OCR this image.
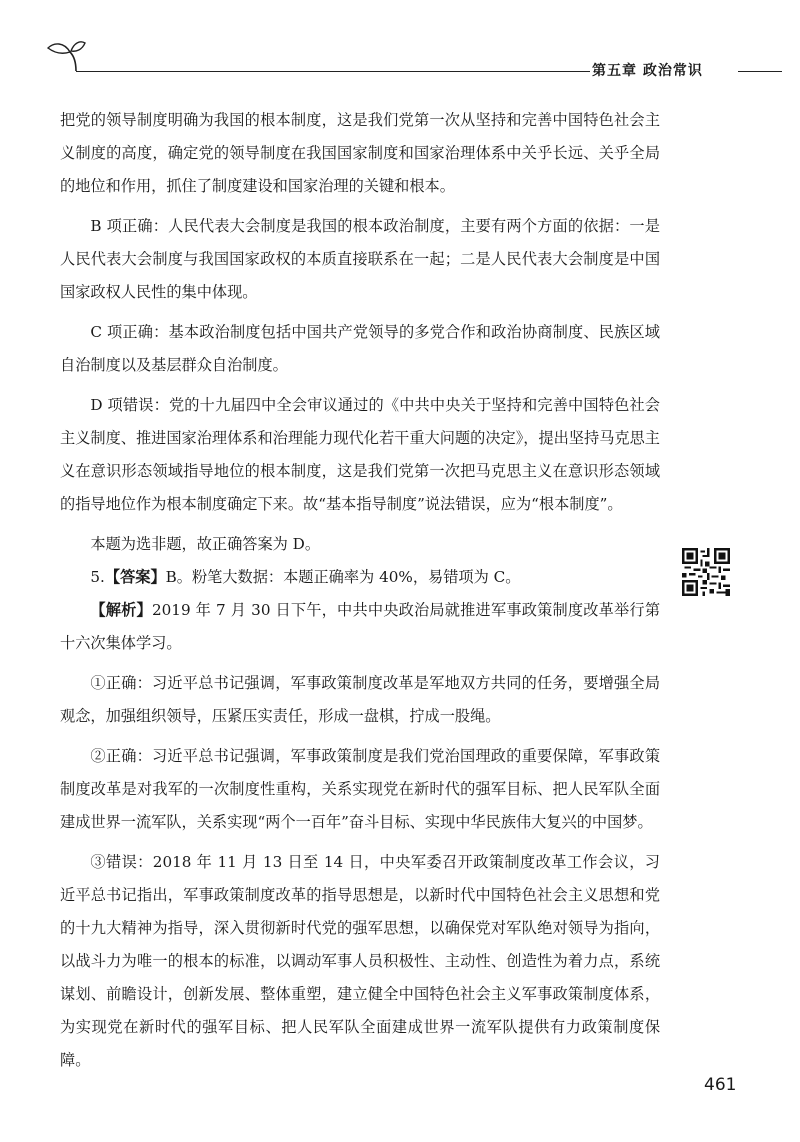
第五章 政治常识

把党的领导制度明确为我国的根本制度，这是我们党第一次从坚持和完善中国特色社会主义制度的高度，确定党的领导制度在我国国家制度和国家治理体系中关乎长远、关乎全局的地位和作用，抓住了制度建设和国家治理的关键和根本。

B 项正确：人民代表大会制度是我国的根本政治制度，主要有两个方面的依据：一是人民代表大会制度与我国国家政权的本质直接联系在一起；二是人民代表大会制度是中国国家政权人民性的集中体现。

C 项正确：基本政治制度包括中国共产党领导的多党合作和政治协商制度、民族区域自治制度以及基层群众自治制度。

D 项错误：党的十九届四中全会审议通过的《中共中央关于坚持和完善中国特色社会主义制度、推进国家治理体系和治理能力现代化若干重大问题的决定》，提出坚持马克思主义在意识形态领域指导地位的根本制度，这是我们党第一次把马克思主义在意识形态领域的指导地位作为根本制度确定下来。故“基本指导制度”说法错误，应为“根本制度”。

本题为选非题，故正确答案为 D。

5.【答案】B。粉笔大数据：本题正确率为 40%，易错项为 C。

【解析】2019 年 7 月 30 日下午，中共中央政治局就推进军事政策制度改革举行第十六次集体学习。

①正确：习近平总书记强调，军事政策制度改革是军地双方共同的任务，要增强全局观念，加强组织领导，压紧压实责任，形成一盘棋，拧成一股绳。

②正确：习近平总书记强调，军事政策制度是我们党治国理政的重要保障，军事政策制度改革是对我军的一次制度性重构，关系实现党在新时代的强军目标、把人民军队全面建成世界一流军队，关系实现“两个一百年”奋斗目标、实现中华民族伟大复兴的中国梦。

③错误：2018 年 11 月 13 日至 14 日，中央军委召开政策制度改革工作会议，习近平总书记指出，军事政策制度改革的指导思想是，以新时代中国特色社会主义思想和党的十九大精神为指导，深入贯彻新时代党的强军思想，以确保党对军队绝对领导为指向，以战斗力为唯一的根本的标准，以调动军事人员积极性、主动性、创造性为着力点，系统谋划、前瞻设计，创新发展、整体重塑，建立健全中国特色社会主义军事政策制度体系，为实现党在新时代的强军目标、把人民军队全面建成世界一流军队提供有力政策制度保障。

461
